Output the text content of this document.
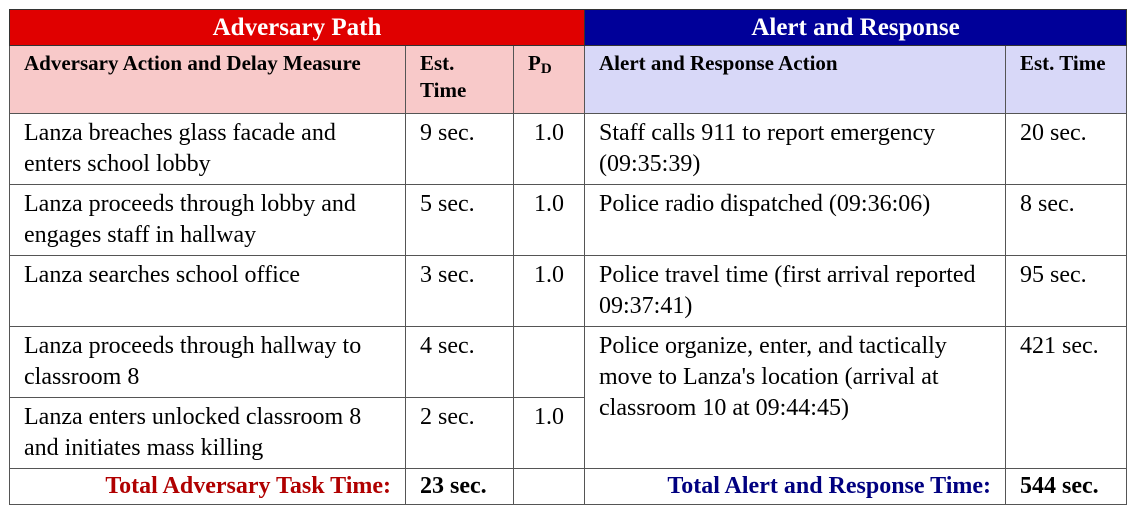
Adversary Path			Alert and Response	
Adversary Action and Delay Measure	Est. Time	PD	Alert and Response Action	Est. Time
Lanza breaches glass facade and enters school lobby	9 sec.	1.0	Staff calls 911 to report emergency (09:35:39)	20 sec.
Lanza proceeds through lobby and engages staff in hallway	5 sec.	1.0	Police radio dispatched (09:36:06)	8 sec.
Lanza searches school office	3 sec.	1.0	Police travel time (first arrival reported 09:37:41)	95 sec.
Lanza proceeds through hallway to classroom 8	4 sec.		Police organize, enter, and tactically move to Lanza's location (arrival at classroom 10 at 09:44:45)	421 sec.
Lanza enters unlocked classroom 8 and initiates mass killing	2 sec.	1.0		
Total Adversary Task Time:	23 sec.		Total Alert and Response Time:	544 sec.
